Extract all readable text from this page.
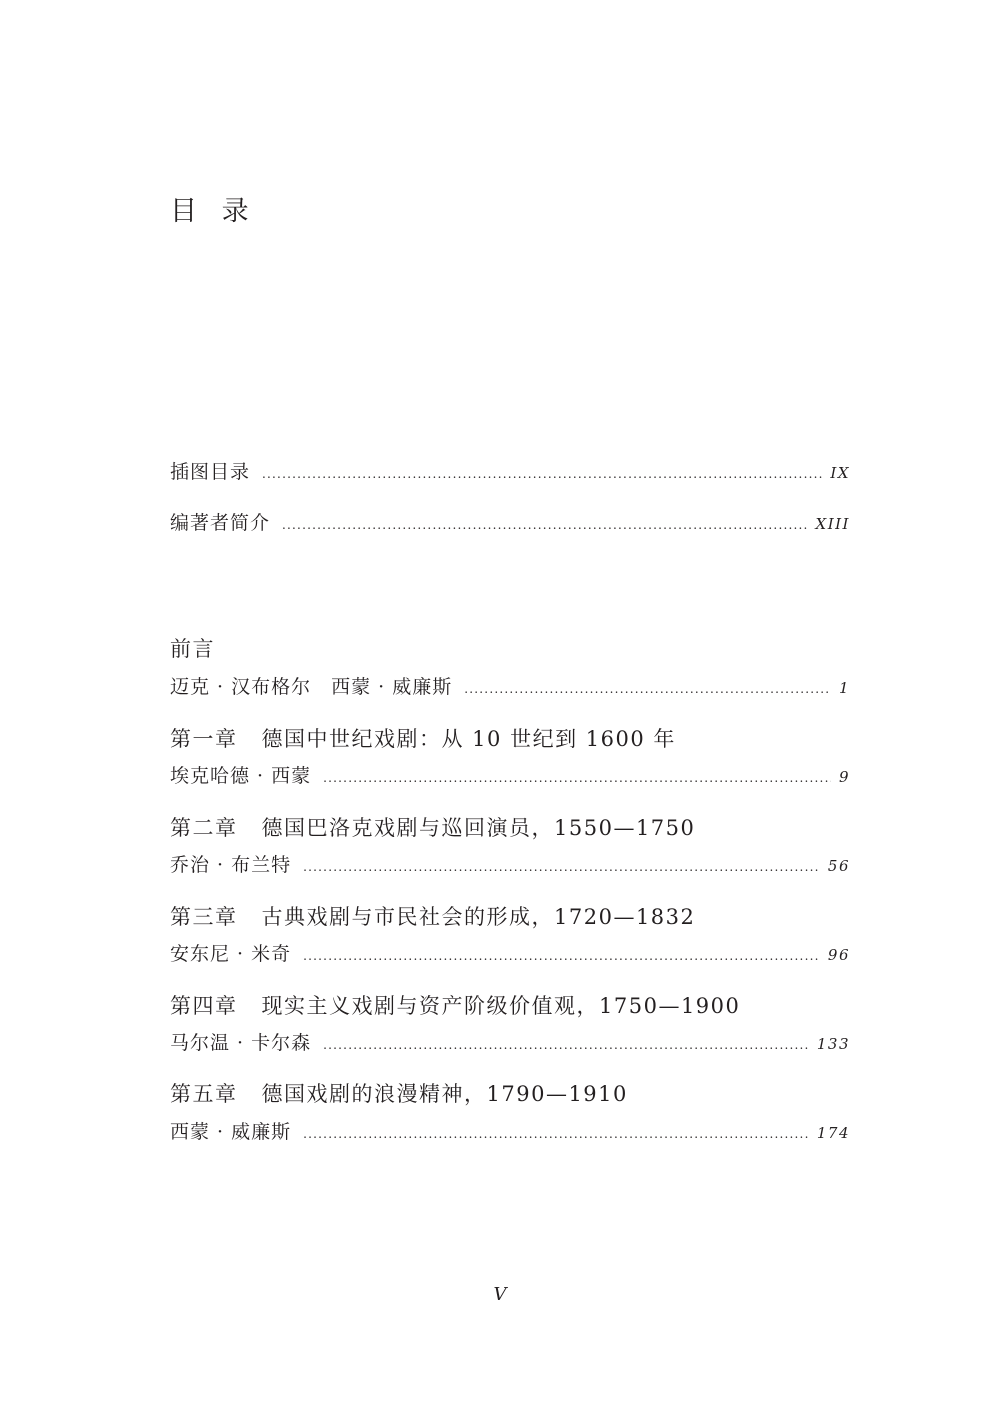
目 录
插图目录 .....	IX
编著者简介 .....	XIII
前言
迈克 · 汉布格尔　西蒙 · 威廉斯 .....	1
第一章 德国中世纪戏剧：从 10 世纪到 1600 年
埃克哈德 · 西蒙 .....	9
第二章 德国巴洛克戏剧与巡回演员，1550—1750
乔治 · 布兰特 .....	56
第三章 古典戏剧与市民社会的形成，1720—1832
安东尼 · 米奇 .....	96
第四章 现实主义戏剧与资产阶级价值观，1750—1900
马尔温 · 卡尔森 .....	133
第五章 德国戏剧的浪漫精神，1790—1910
西蒙 · 威廉斯 .....	174
V
